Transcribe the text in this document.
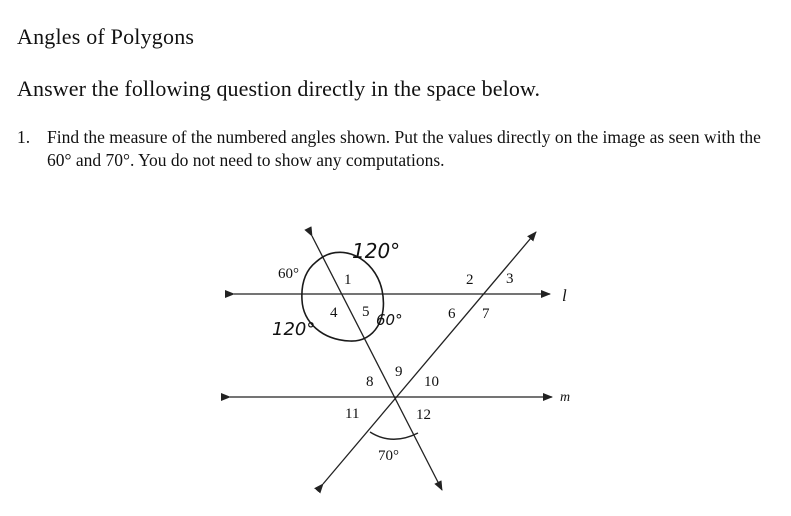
Angles of Polygons
Answer the following question directly in the space below.
1. Find the measure of the numbered angles shown. Put the values directly on the image as seen with the 60° and 70°. You do not need to show any computations.
60°
70°
120°
120°	60°
1	2 3
4 5	6 7
8
9
10
11	12
l
m
